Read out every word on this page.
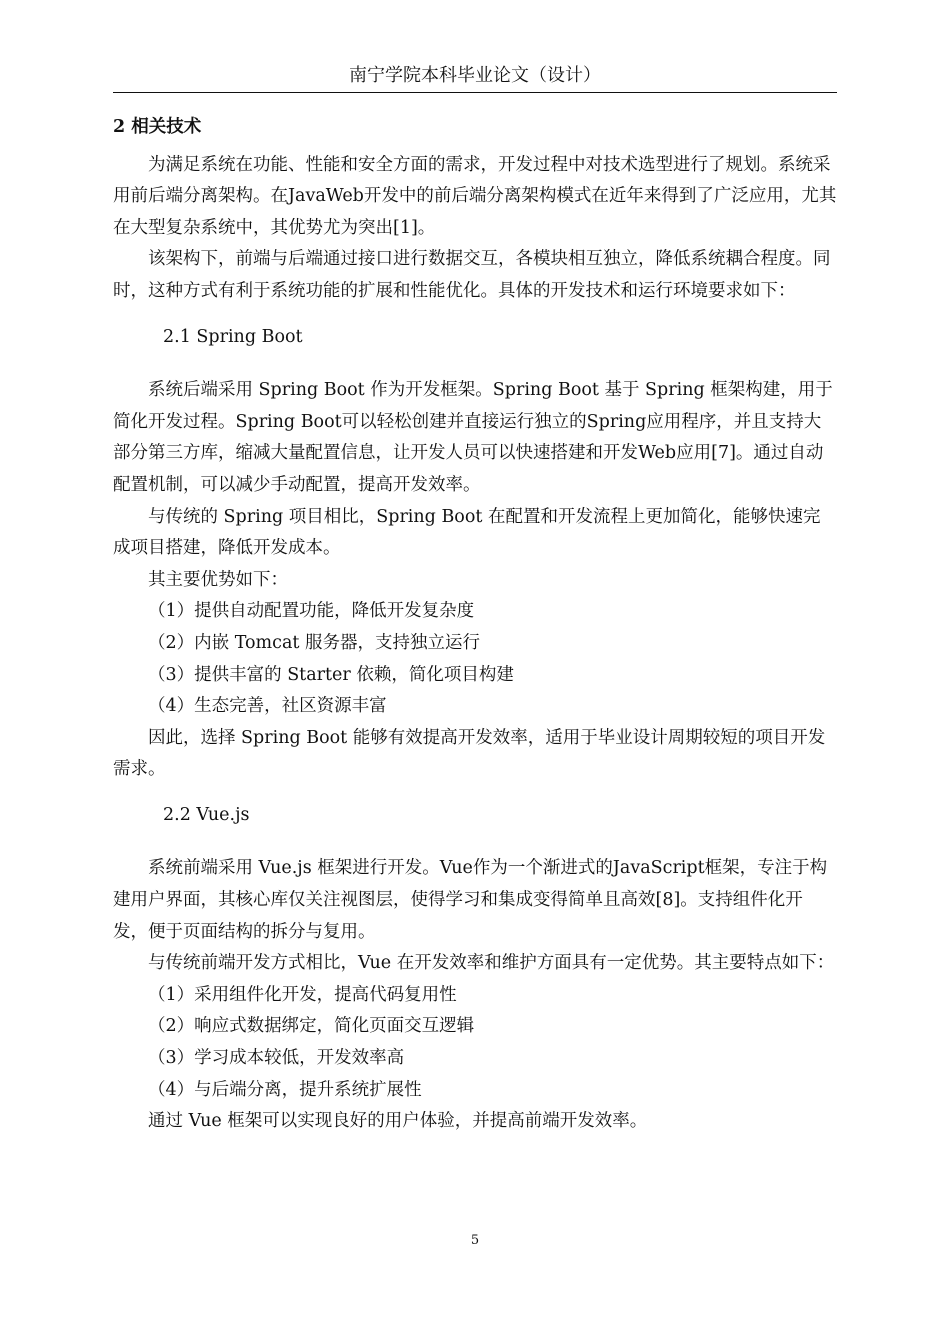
南宁学院本科毕业论文（设计）
2 相关技术

为满足系统在功能、性能和安全方面的需求，开发过程中对技术选型进行了规划。系统采用前后端分离架构。在JavaWeb开发中的前后端分离架构模式在近年来得到了广泛应用，尤其在大型复杂系统中，其优势尤为突出[1]。

该架构下，前端与后端通过接口进行数据交互，各模块相互独立，降低系统耦合程度。同时，这种方式有利于系统功能的扩展和性能优化。具体的开发技术和运行环境要求如下：

2.1 Spring Boot

系统后端采用 Spring Boot 作为开发框架。Spring Boot 基于 Spring 框架构建，用于简化开发过程。Spring Boot可以轻松创建并直接运行独立的Spring应用程序，并且支持大部分第三方库，缩减大量配置信息，让开发人员可以快速搭建和开发Web应用[7]。通过自动配置机制，可以减少手动配置，提高开发效率。

与传统的 Spring 项目相比，Spring Boot 在配置和开发流程上更加简化，能够快速完成项目搭建，降低开发成本。

其主要优势如下：

（1）提供自动配置功能，降低开发复杂度

（2）内嵌 Tomcat 服务器，支持独立运行

（3）提供丰富的 Starter 依赖，简化项目构建

（4）生态完善，社区资源丰富

因此，选择 Spring Boot 能够有效提高开发效率，适用于毕业设计周期较短的项目开发需求。

2.2 Vue.js

系统前端采用 Vue.js 框架进行开发。Vue作为一个渐进式的JavaScript框架，专注于构建用户界面，其核心库仅关注视图层，使得学习和集成变得简单且高效[8]。支持组件化开发，便于页面结构的拆分与复用。

与传统前端开发方式相比，Vue 在开发效率和维护方面具有一定优势。其主要特点如下：

（1）采用组件化开发，提高代码复用性

（2）响应式数据绑定，简化页面交互逻辑

（3）学习成本较低，开发效率高

（4）与后端分离，提升系统扩展性

通过 Vue 框架可以实现良好的用户体验，并提高前端开发效率。

5
